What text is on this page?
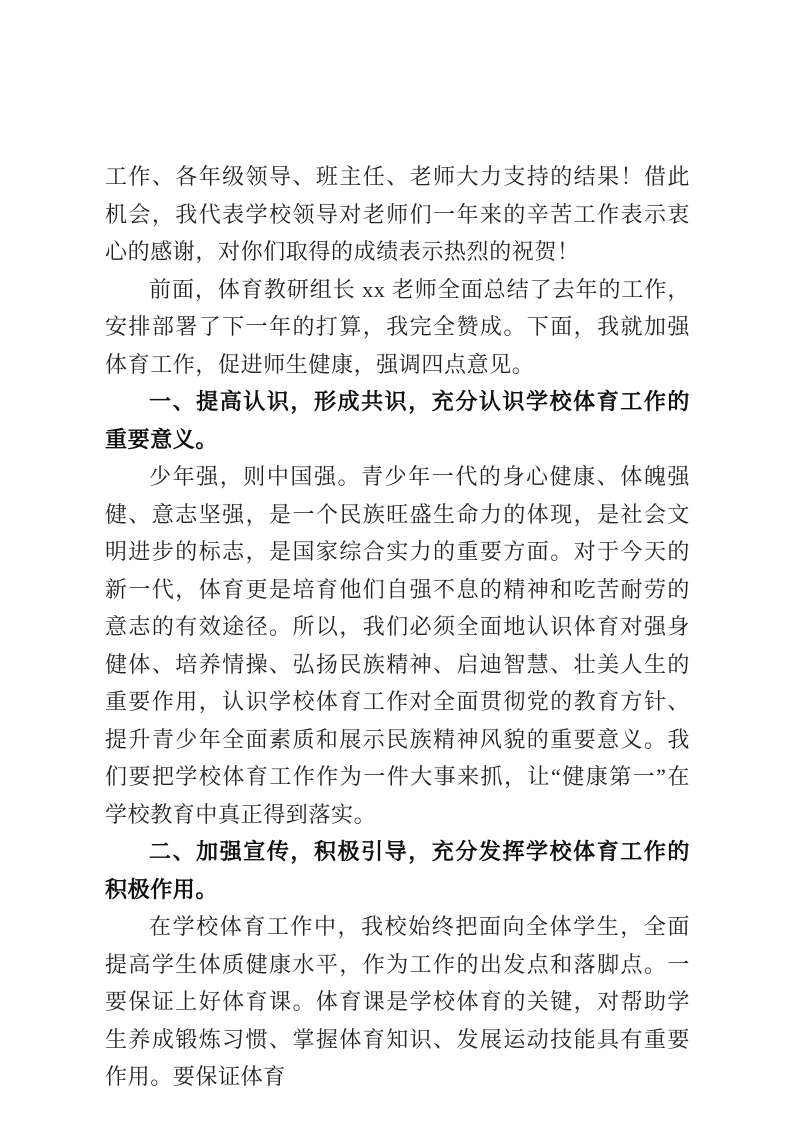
工作、各年级领导、班主任、老师大力支持的结果！借此机会，我代表学校领导对老师们一年来的辛苦工作表示衷心的感谢，对你们取得的成绩表示热烈的祝贺！

前面，体育教研组长 xx 老师全面总结了去年的工作，安排部署了下一年的打算，我完全赞成。下面，我就加强体育工作，促进师生健康，强调四点意见。

一、提高认识，形成共识，充分认识学校体育工作的重要意义。

少年强，则中国强。青少年一代的身心健康、体魄强健、意志坚强，是一个民族旺盛生命力的体现，是社会文明进步的标志，是国家综合实力的重要方面。对于今天的新一代，体育更是培育他们自强不息的精神和吃苦耐劳的意志的有效途径。所以，我们必须全面地认识体育对强身健体、培养情操、弘扬民族精神、启迪智慧、壮美人生的重要作用，认识学校体育工作对全面贯彻党的教育方针、提升青少年全面素质和展示民族精神风貌的重要意义。我们要把学校体育工作作为一件大事来抓，让“健康第一”在学校教育中真正得到落实。

二、加强宣传，积极引导，充分发挥学校体育工作的积极作用。

在学校体育工作中，我校始终把面向全体学生，全面提高学生体质健康水平，作为工作的出发点和落脚点。一要保证上好体育课。体育课是学校体育的关键，对帮助学生养成锻炼习惯、掌握体育知识、发展运动技能具有重要作用。要保证体育
